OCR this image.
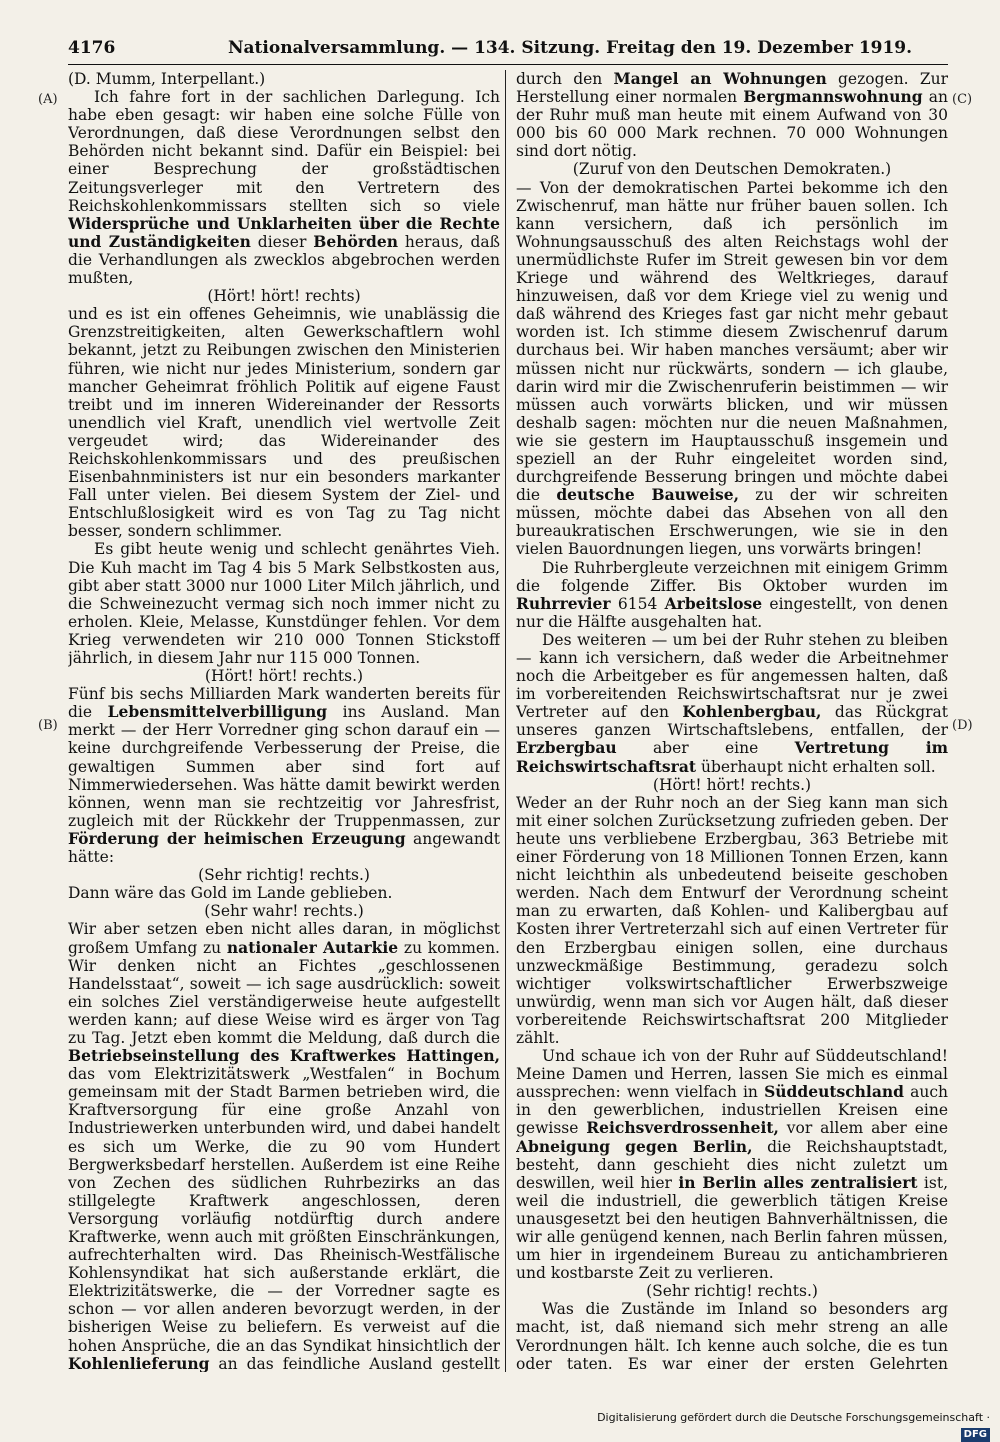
4176	Nationalversammlung. — 134. Sitzung. Freitag den 19. Dezember 1919.
(A)
(B)
(C)
(D)

(D. Mumm, Interpellant.)

Ich fahre fort in der sachlichen Darlegung. Ich habe eben gesagt: wir haben eine solche Fülle von Verordnungen, daß diese Verordnungen selbst den Behörden nicht bekannt sind. Dafür ein Beispiel: bei einer Besprechung der großstädtischen Zeitungsverleger mit den Vertretern des Reichskohlenkommissars stellten sich so viele Widersprüche und Unklarheiten über die Rechte und Zuständigkeiten dieser Behörden heraus, daß die Verhandlungen als zwecklos abgebrochen werden mußten,

(Hört! hört! rechts)

und es ist ein offenes Geheimnis, wie unablässig die Grenzstreitigkeiten, alten Gewerkschaftlern wohl bekannt, jetzt zu Reibungen zwischen den Ministerien führen, wie nicht nur jedes Ministerium, sondern gar mancher Geheimrat fröhlich Politik auf eigene Faust treibt und im inneren Widereinander der Ressorts unendlich viel Kraft, unendlich viel wertvolle Zeit vergeudet wird; das Widereinander des Reichskohlenkommissars und des preußischen Eisenbahnministers ist nur ein besonders markanter Fall unter vielen. Bei diesem System der Ziel- und Entschlußlosigkeit wird es von Tag zu Tag nicht besser, sondern schlimmer.

Es gibt heute wenig und schlecht genährtes Vieh. Die Kuh macht im Tag 4 bis 5 Mark Selbstkosten aus, gibt aber statt 3000 nur 1000 Liter Milch jährlich, und die Schweinezucht vermag sich noch immer nicht zu erholen. Kleie, Melasse, Kunstdünger fehlen. Vor dem Krieg verwendeten wir 210 000 Tonnen Stickstoff jährlich, in diesem Jahr nur 115 000 Tonnen.

(Hört! hört! rechts.)

Fünf bis sechs Milliarden Mark wanderten bereits für die Lebensmittelverbilligung ins Ausland. Man merkt — der Herr Vorredner ging schon darauf ein — keine durchgreifende Verbesserung der Preise, die gewaltigen Summen aber sind fort auf Nimmerwiedersehen. Was hätte damit bewirkt werden können, wenn man sie rechtzeitig vor Jahresfrist, zugleich mit der Rückkehr der Truppenmassen, zur Förderung der heimischen Erzeugung angewandt hätte:

(Sehr richtig! rechts.)

Dann wäre das Gold im Lande geblieben.

(Sehr wahr! rechts.)

Wir aber setzen eben nicht alles daran, in möglichst großem Umfang zu nationaler Autarkie zu kommen. Wir denken nicht an Fichtes „geschlossenen Handelsstaat“, soweit — ich sage ausdrücklich: soweit ein solches Ziel verständigerweise heute aufgestellt werden kann; auf diese Weise wird es ärger von Tag zu Tag. Jetzt eben kommt die Meldung, daß durch die Betriebseinstellung des Kraftwerkes Hattingen, das vom Elektrizitätswerk „Westfalen“ in Bochum gemeinsam mit der Stadt Barmen betrieben wird, die Kraftversorgung für eine große Anzahl von Industriewerken unterbunden wird, und dabei handelt es sich um Werke, die zu 90 vom Hundert Bergwerksbedarf herstellen. Außerdem ist eine Reihe von Zechen des südlichen Ruhrbezirks an das stillgelegte Kraftwerk angeschlossen, deren Versorgung vorläufig notdürftig durch andere Kraftwerke, wenn auch mit größten Einschränkungen, aufrechterhalten wird. Das Rheinisch-Westfälische Kohlensyndikat hat sich außerstande erklärt, die Elektrizitätswerke, die — der Vorredner sagte es schon — vor allen anderen bevorzugt werden, in der bisherigen Weise zu beliefern. Es verweist auf die hohen Ansprüche, die an das Syndikat hinsichtlich der Kohlenlieferung an das feindliche Ausland gestellt

durch den Mangel an Wohnungen gezogen. Zur Herstellung einer normalen Bergmannswohnung an der Ruhr muß man heute mit einem Aufwand von 30 000 bis 60 000 Mark rechnen. 70 000 Wohnungen sind dort nötig.

(Zuruf von den Deutschen Demokraten.)

— Von der demokratischen Partei bekomme ich den Zwischenruf, man hätte nur früher bauen sollen. Ich kann versichern, daß ich persönlich im Wohnungsausschuß des alten Reichstags wohl der unermüdlichste Rufer im Streit gewesen bin vor dem Kriege und während des Weltkrieges, darauf hinzuweisen, daß vor dem Kriege viel zu wenig und daß während des Krieges fast gar nicht mehr gebaut worden ist. Ich stimme diesem Zwischenruf darum durchaus bei. Wir haben manches versäumt; aber wir müssen nicht nur rückwärts, sondern — ich glaube, darin wird mir die Zwischenruferin beistimmen — wir müssen auch vorwärts blicken, und wir müssen deshalb sagen: möchten nur die neuen Maßnahmen, wie sie gestern im Hauptausschuß insgemein und speziell an der Ruhr eingeleitet worden sind, durchgreifende Besserung bringen und möchte dabei die deutsche Bauweise, zu der wir schreiten müssen, möchte dabei das Absehen von all den bureaukratischen Erschwerungen, wie sie in den vielen Bauordnungen liegen, uns vorwärts bringen!

Die Ruhrbergleute verzeichnen mit einigem Grimm die folgende Ziffer. Bis Oktober wurden im Ruhrrevier 6154 Arbeitslose eingestellt, von denen nur die Hälfte ausgehalten hat.

Des weiteren — um bei der Ruhr stehen zu bleiben — kann ich versichern, daß weder die Arbeitnehmer noch die Arbeitgeber es für angemessen halten, daß im vorbereitenden Reichswirtschaftsrat nur je zwei Vertreter auf den Kohlenbergbau, das Rückgrat unseres ganzen Wirtschaftslebens, entfallen, der Erzbergbau aber eine Vertretung im Reichswirtschaftsrat überhaupt nicht erhalten soll.

(Hört! hört! rechts.)

Weder an der Ruhr noch an der Sieg kann man sich mit einer solchen Zurücksetzung zufrieden geben. Der heute uns verbliebene Erzbergbau, 363 Betriebe mit einer Förderung von 18 Millionen Tonnen Erzen, kann nicht leichthin als unbedeutend beiseite geschoben werden. Nach dem Entwurf der Verordnung scheint man zu erwarten, daß Kohlen- und Kalibergbau auf Kosten ihrer Vertreterzahl sich auf einen Vertreter für den Erzbergbau einigen sollen, eine durchaus unzweckmäßige Bestimmung, geradezu solch wichtiger volkswirtschaftlicher Erwerbszweige unwürdig, wenn man sich vor Augen hält, daß dieser vorbereitende Reichswirtschaftsrat 200 Mitglieder zählt.

Und schaue ich von der Ruhr auf Süddeutschland! Meine Damen und Herren, lassen Sie mich es einmal aussprechen: wenn vielfach in Süddeutschland auch in den gewerblichen, industriellen Kreisen eine gewisse Reichsverdrossenheit, vor allem aber eine Abneigung gegen Berlin, die Reichshauptstadt, besteht, dann geschieht dies nicht zuletzt um deswillen, weil hier in Berlin alles zentralisiert ist, weil die industriell, die gewerblich tätigen Kreise unausgesetzt bei den heutigen Bahnverhältnissen, die wir alle genügend kennen, nach Berlin fahren müssen, um hier in irgendeinem Bureau zu antichambrieren und kostbarste Zeit zu verlieren.

(Sehr richtig! rechts.)

Was die Zustände im Inland so besonders arg macht, ist, daß niemand sich mehr streng an alle Verordnungen hält. Ich kenne auch solche, die es tun oder taten. Es war einer der ersten Gelehrten

Digitalisierung gefördert durch die Deutsche Forschungsgemeinschaft ·DFG
